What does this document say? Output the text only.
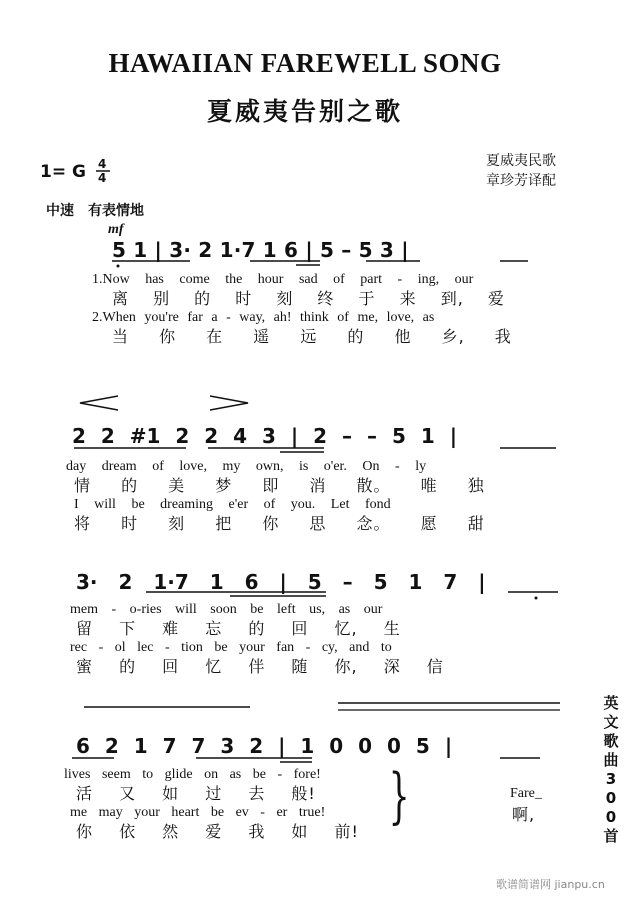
HAWAIIAN FAREWELL SONG
夏威夷告别之歌
夏威夷民歌
章珍芳译配
1= G 4
4
中速　有表情地
mf
5 1 | 3· 2 1·7 1 6 | 5 – 5 3 |
1.Now has come the hour sad of part - ing, our
离 别 的 时 刻 终 于 来 到, 爱
2.When you're far a - way, ah! think of me, love, as
当 你 在 遥 远 的 他 乡, 我
2 2 #1 2 2 4 3 | 2 – – 5 1 |
day dream of love, my own, is o'er. On - ly
情 的 美 梦 即 消 散。 唯 独
I will be dreaming e'er of you. Let fond
将 时 刻 把 你 思 念。 愿 甜
3· 2 1·7 1 6 | 5 – 5 1 7 |
mem - o-ries will soon be left us, as our
留 下 难 忘 的 回 忆, 生
rec - ol lec - tion be your fan - cy, and to
蜜 的 回 忆 伴 随 你, 深 信
6 2 1 7 7 3 2 | 1 0 0 0 5 |
lives seem to glide on as be - fore!
活 又 如 过 去 般!
me may your heart be ev - er true!
你 依 然 爱 我 如 前!
}	Fare_
啊,
英文歌曲300首
歌谱简谱网 jianpu.cn
